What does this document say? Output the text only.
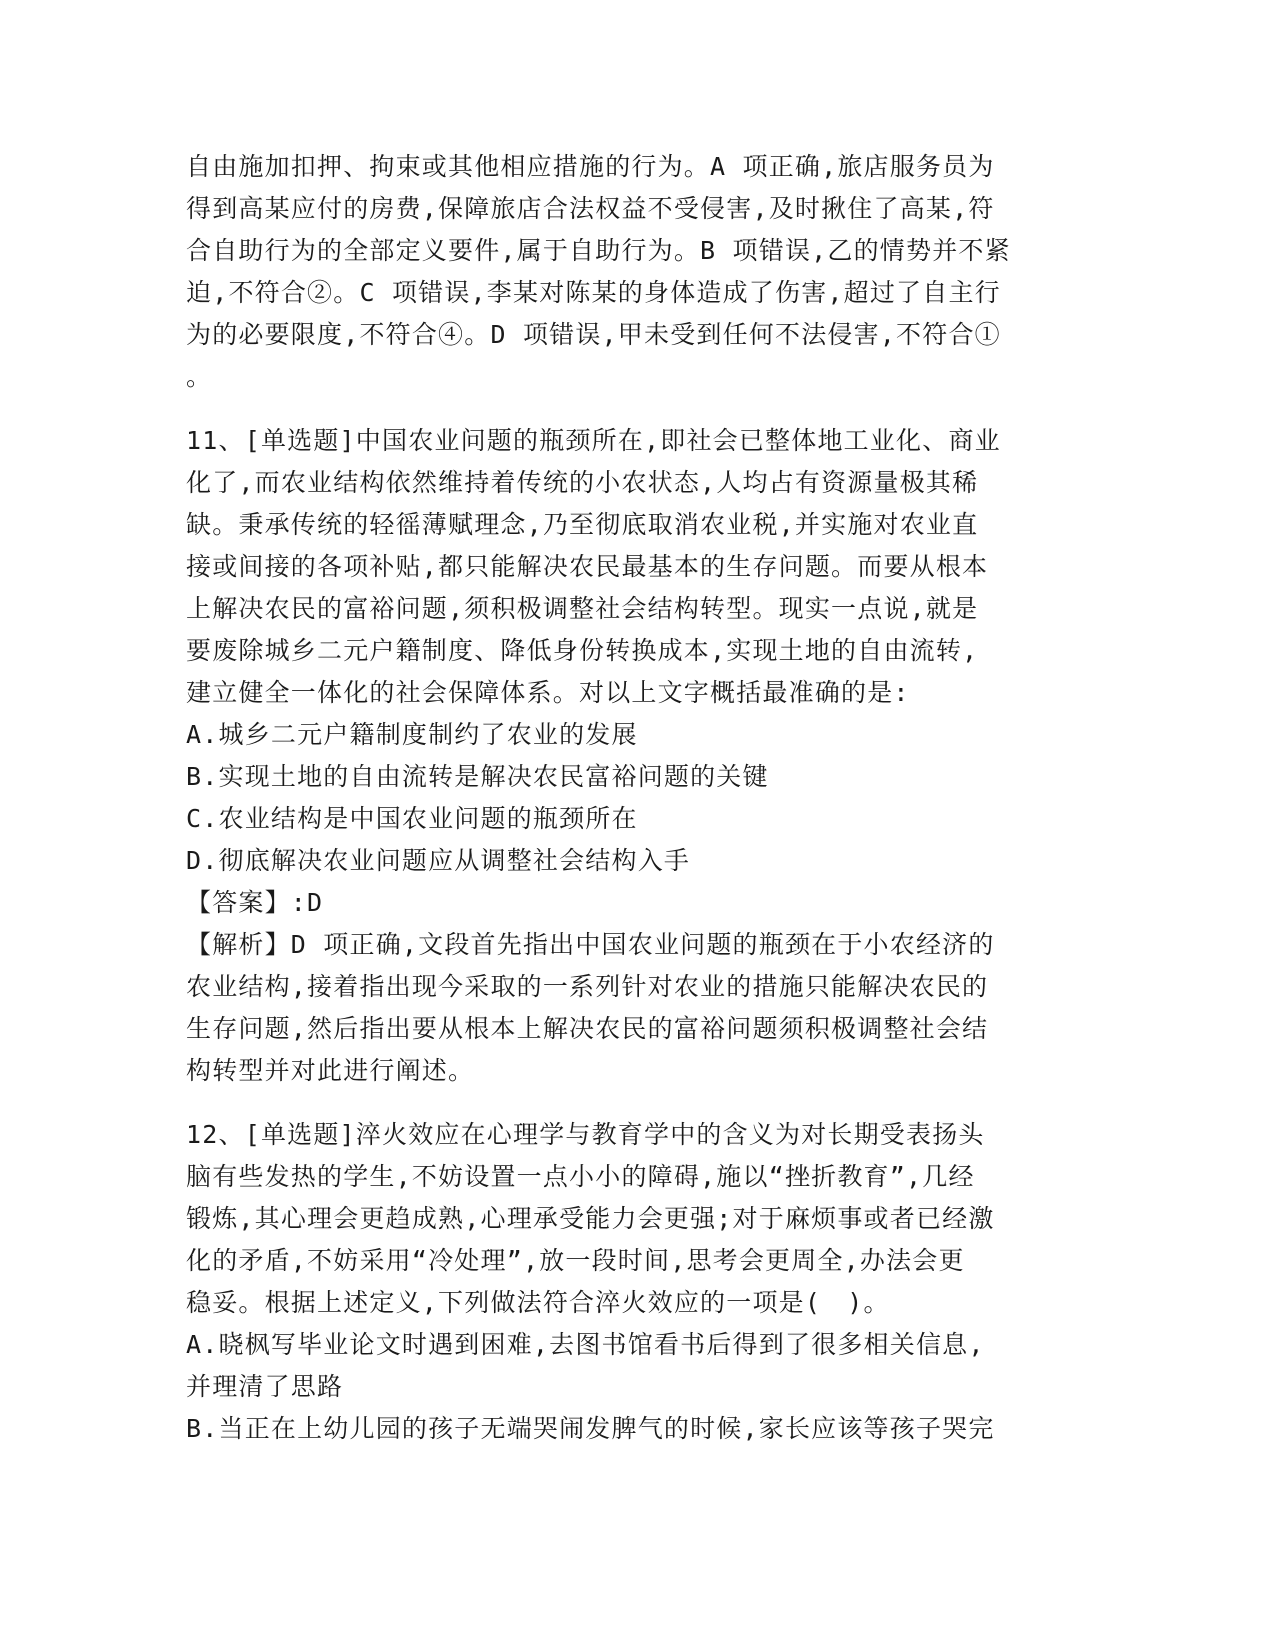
自由施加扣押、拘束或其他相应措施的行为。A 项正确,旅店服务员为
得到高某应付的房费,保障旅店合法权益不受侵害,及时揪住了高某,符
合自助行为的全部定义要件,属于自助行为。B 项错误,乙的情势并不紧
迫,不符合②。C 项错误,李某对陈某的身体造成了伤害,超过了自主行
为的必要限度,不符合④。D 项错误,甲未受到任何不法侵害,不符合①
。
11、[单选题]中国农业问题的瓶颈所在,即社会已整体地工业化、商业
化了,而农业结构依然维持着传统的小农状态,人均占有资源量极其稀
缺。秉承传统的轻徭薄赋理念,乃至彻底取消农业税,并实施对农业直
接或间接的各项补贴,都只能解决农民最基本的生存问题。而要从根本
上解决农民的富裕问题,须积极调整社会结构转型。现实一点说,就是
要废除城乡二元户籍制度、降低身份转换成本,实现土地的自由流转,
建立健全一体化的社会保障体系。对以上文字概括最准确的是:
A.城乡二元户籍制度制约了农业的发展
B.实现土地的自由流转是解决农民富裕问题的关键
C.农业结构是中国农业问题的瓶颈所在
D.彻底解决农业问题应从调整社会结构入手
【答案】:D
【解析】D 项正确,文段首先指出中国农业问题的瓶颈在于小农经济的
农业结构,接着指出现今采取的一系列针对农业的措施只能解决农民的
生存问题,然后指出要从根本上解决农民的富裕问题须积极调整社会结
构转型并对此进行阐述。
12、[单选题]淬火效应在心理学与教育学中的含义为对长期受表扬头
脑有些发热的学生,不妨设置一点小小的障碍,施以“挫折教育”,几经
锻炼,其心理会更趋成熟,心理承受能力会更强;对于麻烦事或者已经激
化的矛盾,不妨采用“冷处理”,放一段时间,思考会更周全,办法会更
稳妥。根据上述定义,下列做法符合淬火效应的一项是(　)。
A.晓枫写毕业论文时遇到困难,去图书馆看书后得到了很多相关信息,
并理清了思路
B.当正在上幼儿园的孩子无端哭闹发脾气的时候,家长应该等孩子哭完
